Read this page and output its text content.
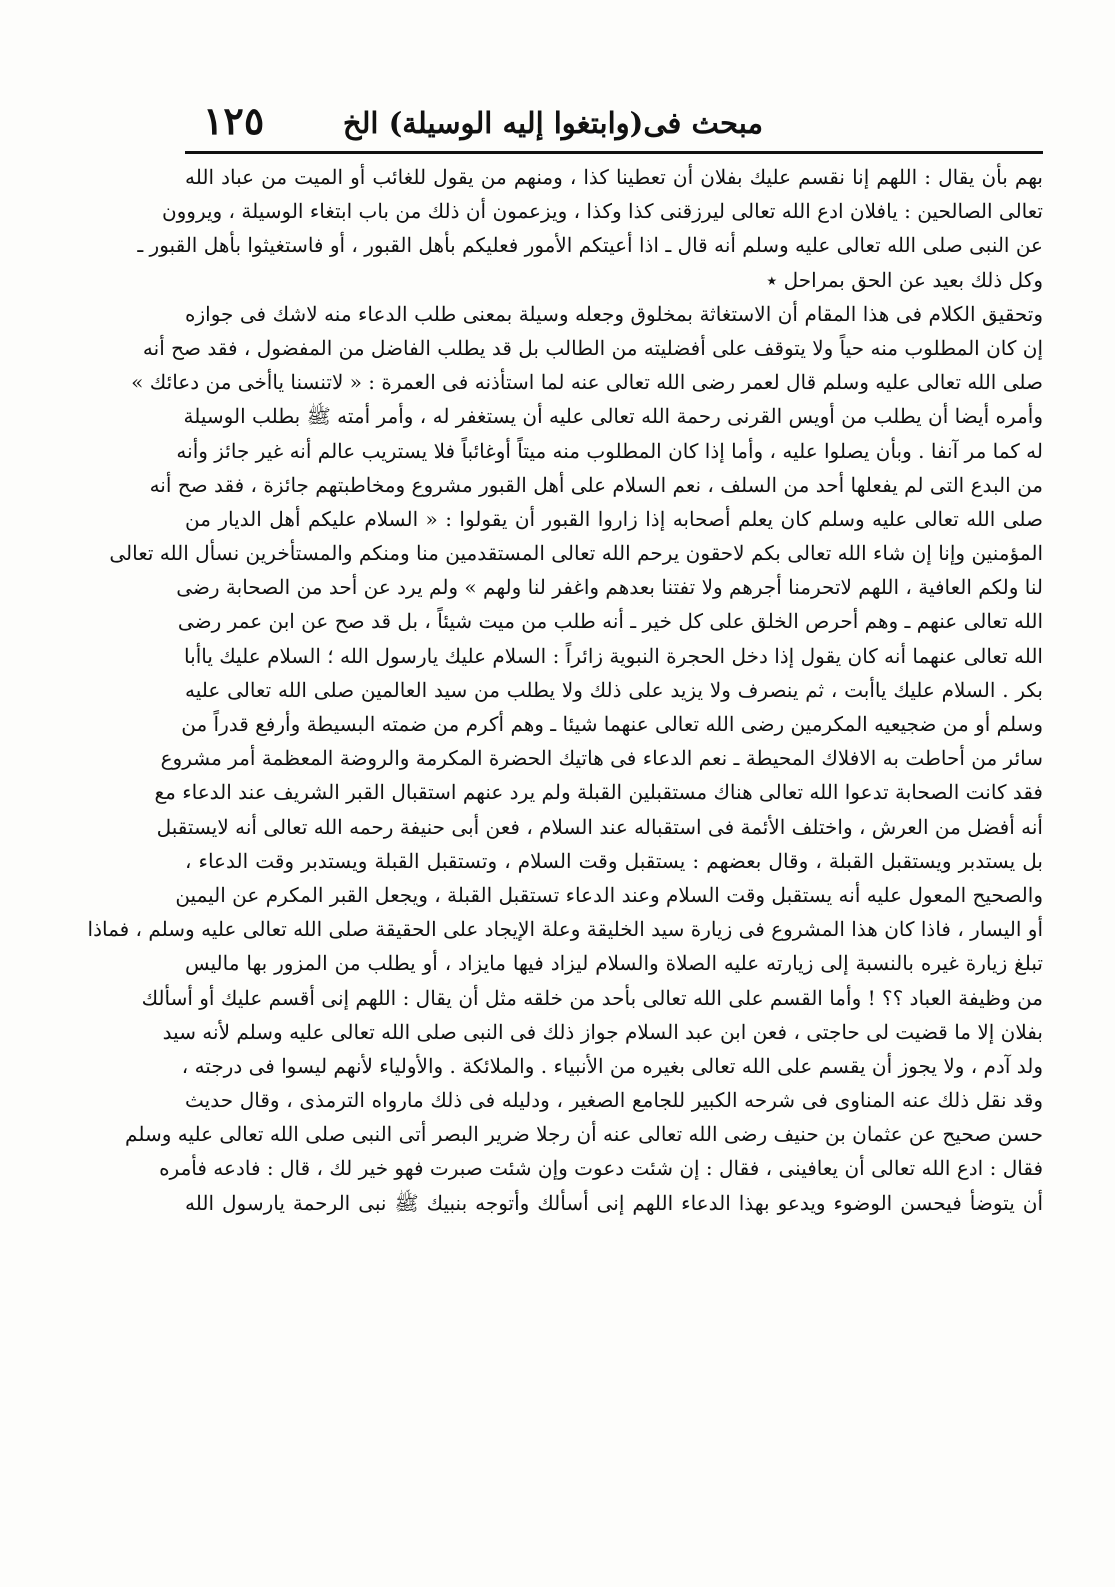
مبحث فى(وابتغوا إليه الوسيلة) الخ
١٢٥
بهم بأن يقال : اللهم إنا نقسم عليك بفلان أن تعطينا كذا ، ومنهم من يقول للغائب أو الميت من عباد الله
تعالى الصالحين : يافلان ادع الله تعالى ليرزقنى كذا وكذا ، ويزعمون أن ذلك من باب ابتغاء الوسيلة ، ويروون
عن النبى صلى الله تعالى عليه وسلم أنه قال ـ اذا أعيتكم الأمور فعليكم بأهل القبور ، أو فاستغيثوا بأهل القبور ـ
وكل ذلك بعيد عن الحق بمراحل ٭
وتحقيق الكلام فى هذا المقام أن الاستغاثة بمخلوق وجعله وسيلة بمعنى طلب الدعاء منه لاشك فى جوازه
إن كان المطلوب منه حياً ولا يتوقف على أفضليته من الطالب بل قد يطلب الفاضل من المفضول ، فقد صح أنه
صلى الله تعالى عليه وسلم قال لعمر رضى الله تعالى عنه لما استأذنه فى العمرة : « لاتنسنا ياأخى من دعائك »
وأمره أيضا أن يطلب من أويس القرنى رحمة الله تعالى عليه أن يستغفر له ، وأمر أمته ﷺ بطلب الوسيلة
له كما مر آنفا . وبأن يصلوا عليه ، وأما إذا كان المطلوب منه ميتاً أوغائباً فلا يستريب عالم أنه غير جائز وأنه
من البدع التى لم يفعلها أحد من السلف ، نعم السلام على أهل القبور مشروع ومخاطبتهم جائزة ، فقد صح أنه
صلى الله تعالى عليه وسلم كان يعلم أصحابه إذا زاروا القبور أن يقولوا : « السلام عليكم أهل الديار من
المؤمنين وإنا إن شاء الله تعالى بكم لاحقون يرحم الله تعالى المستقدمين منا ومنكم والمستأخرين نسأل الله تعالى
لنا ولكم العافية ، اللهم لاتحرمنا أجرهم ولا تفتنا بعدهم واغفر لنا ولهم » ولم يرد عن أحد من الصحابة رضى
الله تعالى عنهم ـ وهم أحرص الخلق على كل خير ـ أنه طلب من ميت شيئاً ، بل قد صح عن ابن عمر رضى
الله تعالى عنهما أنه كان يقول إذا دخل الحجرة النبوية زائراً : السلام عليك يارسول الله ؛ السلام عليك ياأبا
بكر . السلام عليك ياأبت ، ثم ينصرف ولا يزيد على ذلك ولا يطلب من سيد العالمين صلى الله تعالى عليه
وسلم أو من ضجيعيه المكرمين رضى الله تعالى عنهما شيئا ـ وهم أكرم من ضمته البسيطة وأرفع قدراً من
سائر من أحاطت به الافلاك المحيطة ـ نعم الدعاء فى هاتيك الحضرة المكرمة والروضة المعظمة أمر مشروع
فقد كانت الصحابة تدعوا الله تعالى هناك مستقبلين القبلة ولم يرد عنهم استقبال القبر الشريف عند الدعاء مع
أنه أفضل من العرش ، واختلف الأئمة فى استقباله عند السلام ، فعن أبى حنيفة رحمه الله تعالى أنه لايستقبل
بل يستدبر ويستقبل القبلة ، وقال بعضهم : يستقبل وقت السلام ، وتستقبل القبلة ويستدبر وقت الدعاء ،
والصحيح المعول عليه أنه يستقبل وقت السلام وعند الدعاء تستقبل القبلة ، ويجعل القبر المكرم عن اليمين
أو اليسار ، فاذا كان هذا المشروع فى زيارة سيد الخليقة وعلة الإيجاد على الحقيقة صلى الله تعالى عليه وسلم ، فماذا
تبلغ زيارة غيره بالنسبة إلى زيارته عليه الصلاة والسلام ليزاد فيها مايزاد ، أو يطلب من المزور بها ماليس
من وظيفة العباد ؟؟ ! وأما القسم على الله تعالى بأحد من خلقه مثل أن يقال : اللهم إنى أقسم عليك أو أسألك
بفلان إلا ما قضيت لى حاجتى ، فعن ابن عبد السلام جواز ذلك فى النبى صلى الله تعالى عليه وسلم لأنه سيد
ولد آدم ، ولا يجوز أن يقسم على الله تعالى بغيره من الأنبياء . والملائكة . والأولياء لأنهم ليسوا فى درجته ،
وقد نقل ذلك عنه المناوى فى شرحه الكبير للجامع الصغير ، ودليله فى ذلك مارواه الترمذى ، وقال حديث
حسن صحيح عن عثمان بن حنيف رضى الله تعالى عنه أن رجلا ضرير البصر أتى النبى صلى الله تعالى عليه وسلم
فقال : ادع الله تعالى أن يعافينى ، فقال : إن شئت دعوت وإن شئت صبرت فهو خير لك ، قال : فادعه فأمره
أن يتوضأ فيحسن الوضوء ويدعو بهذا الدعاء اللهم إنى أسألك وأتوجه بنبيك ﷺ نبى الرحمة يارسول الله
